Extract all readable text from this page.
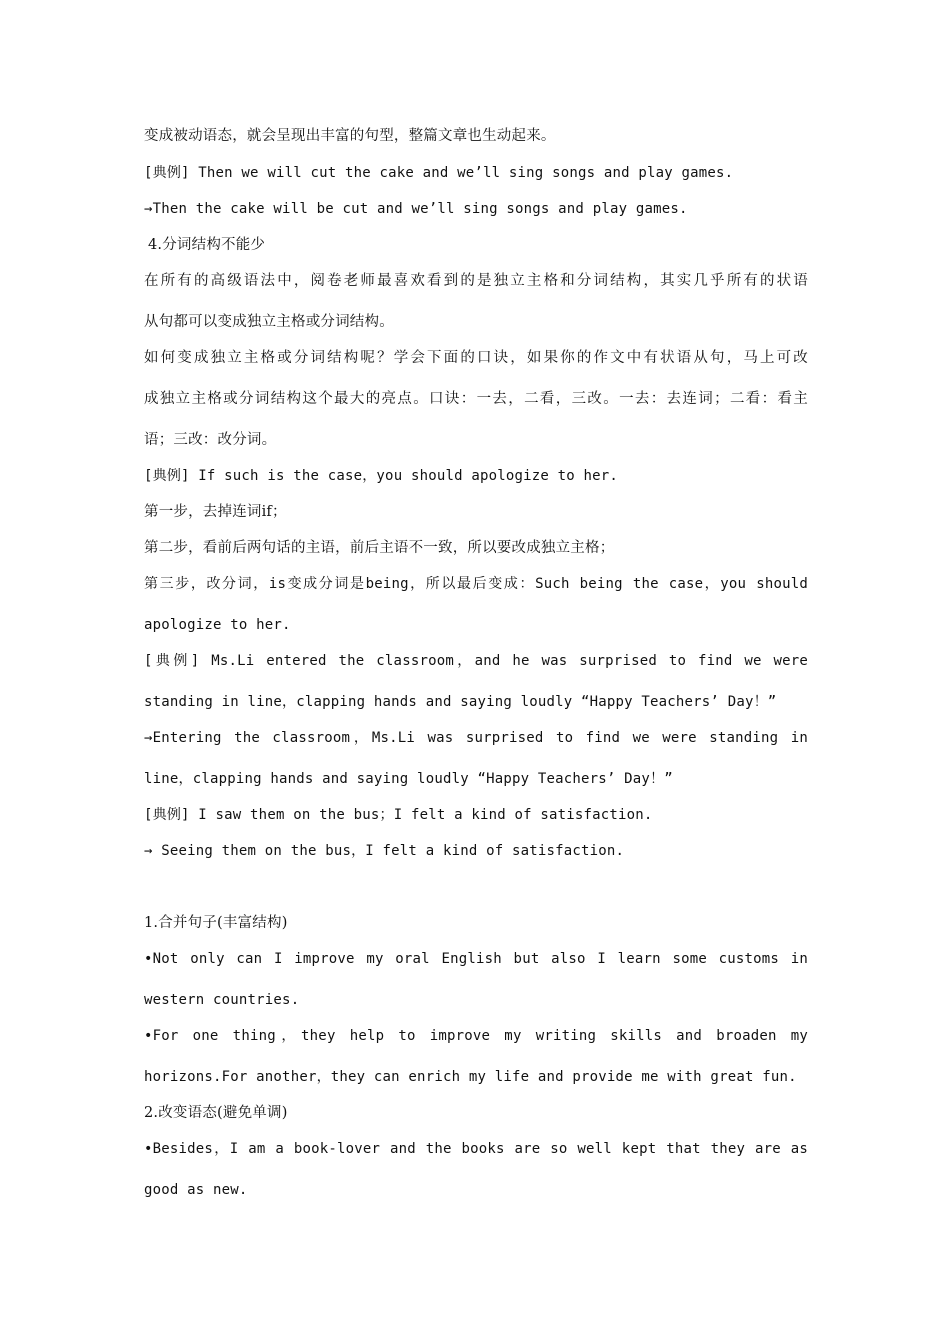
变成被动语态，就会呈现出丰富的句型，整篇文章也生动起来。
[典例] Then we will cut the cake and we’ll sing songs and play games.
→Then the cake will be cut and we’ll sing songs and play games.
4.分词结构不能少
在所有的高级语法中，阅卷老师最喜欢看到的是独立主格和分词结构，其实几乎所有的状语
从句都可以变成独立主格或分词结构。
如何变成独立主格或分词结构呢？学会下面的口诀，如果你的作文中有状语从句，马上可改
成独立主格或分词结构这个最大的亮点。口诀：一去，二看，三改。一去：去连词；二看：看主
语；三改：改分词。
[典例] If such is the case，you should apologize to her.
第一步，去掉连词if；
第二步，看前后两句话的主语，前后主语不一致，所以要改成独立主格；
第三步，改分词，is变成分词是being，所以最后变成：Such being the case，you should
apologize to her.
[典例] Ms.Li entered the classroom，and he was surprised to find we were
standing in line，clapping hands and saying loudly “Happy Teachers’ Day！”
→Entering the classroom，Ms.Li was surprised to find we were standing in
line，clapping hands and saying loudly “Happy Teachers’ Day！”
[典例] I saw them on the bus；I felt a kind of satisfaction.
→ Seeing them on the bus，I felt a kind of satisfaction.
1.合并句子(丰富结构)
•Not only can I improve my oral English but also I learn some customs in
western countries.
•For one thing，they help to improve my writing skills and broaden my
horizons.For another，they can enrich my life and provide me with great fun.
2.改变语态(避免单调)
•Besides，I am a book-lover and the books are so well kept that they are as
good as new.
